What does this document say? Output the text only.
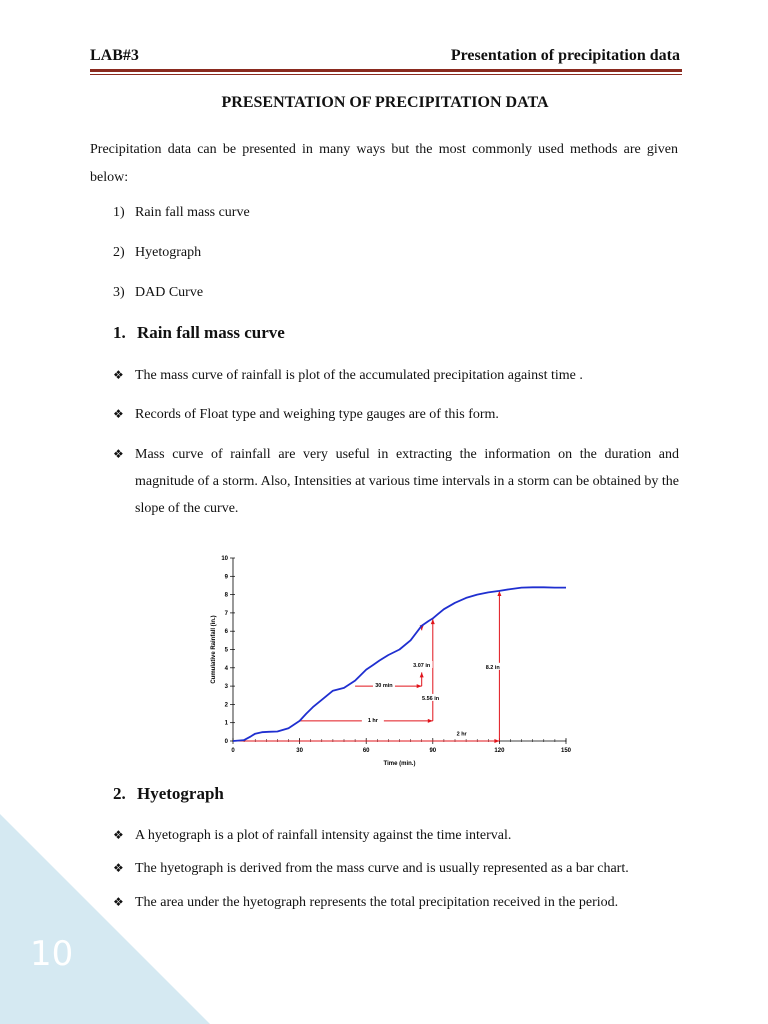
10
LAB#3	Presentation of precipitation data
PRESENTATION OF PRECIPITATION DATA
Precipitation data can be presented in many ways but the most commonly used methods are given below:
1) Rain fall mass curve
2) Hyetograph
3) DAD Curve
1. Rain fall mass curve
❖ The mass curve of rainfall is plot of the accumulated precipitation against time .
❖ Records of Float type and weighing type gauges are of this form.
❖ Mass curve of rainfall are very useful in extracting the information on the duration and magnitude of a storm. Also, Intensities at various time intervals in a storm can be obtained by the slope of the curve.
0
1
2
3
4
5
6
7
8
9
10
0	30	60	90	120	150
Time (min.)
Cumulative Rainfall (in.)	3.07 in	8.2 in
30 min
5.56 in
1 hr
2 hr
2. Hyetograph
❖ A hyetograph is a plot of rainfall intensity against the time interval.
❖ The hyetograph is derived from the mass curve and is usually represented as a bar chart.
❖ The area under the hyetograph represents the total precipitation received in the period.
